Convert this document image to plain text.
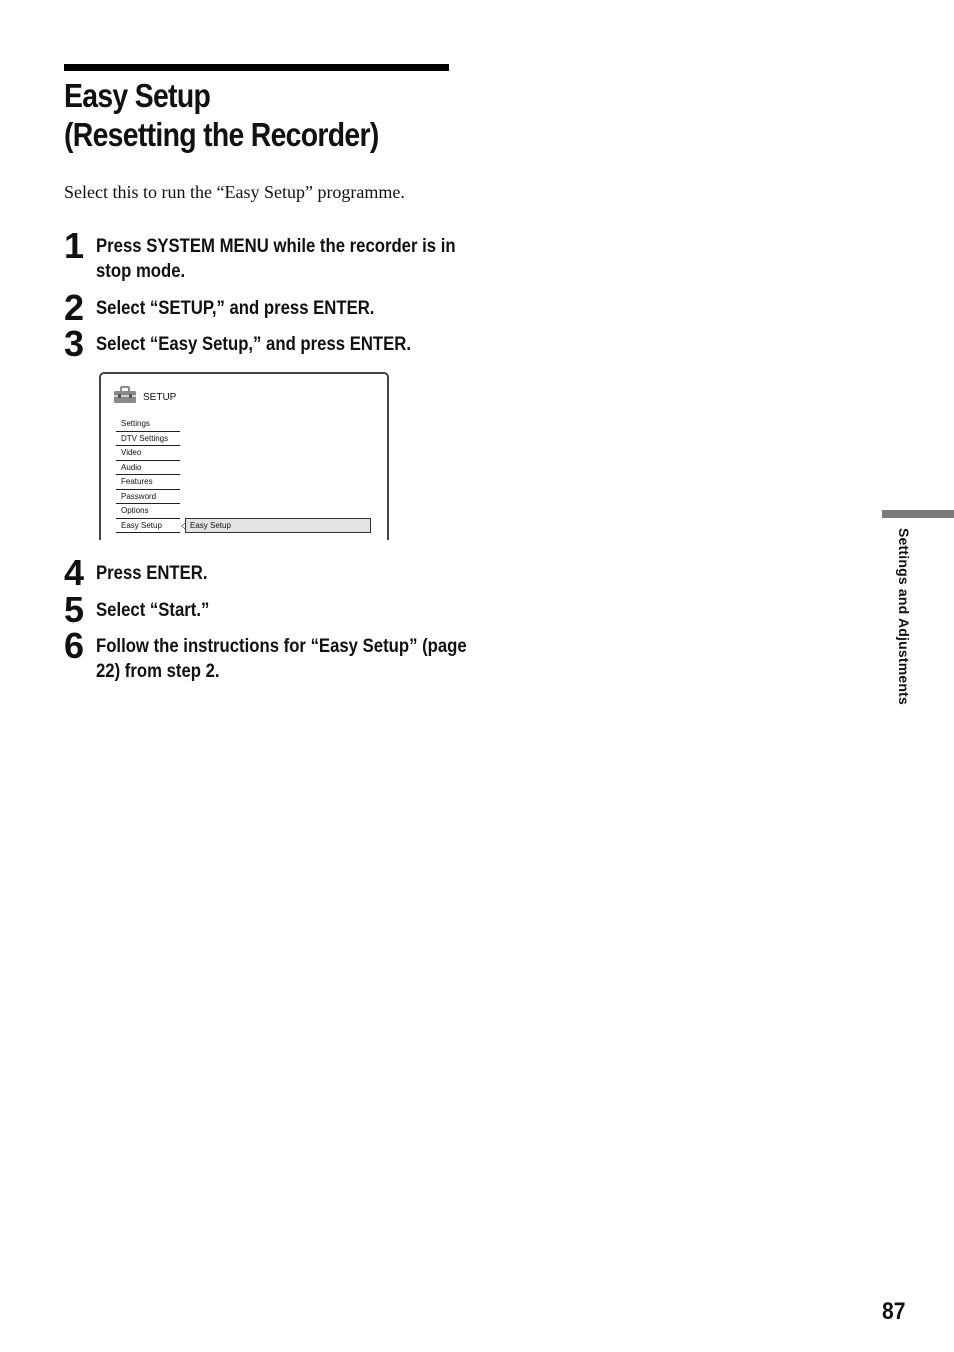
Easy Setup
(Resetting the Recorder)
Select this to run the “Easy Setup” programme.
1 Press SYSTEM MENU while the recorder is in stop mode.
2 Select “SETUP,” and press ENTER.
3 Select “Easy Setup,” and press ENTER.
SETUP
Settings
DTV Settings
Video
Audio
Features
Password
Options
Easy Setup	Easy Setup
4 Press ENTER.
5 Select “Start.”
6 Follow the instructions for “Easy Setup” (page 22) from step 2.	Settings and Adjustments
87
